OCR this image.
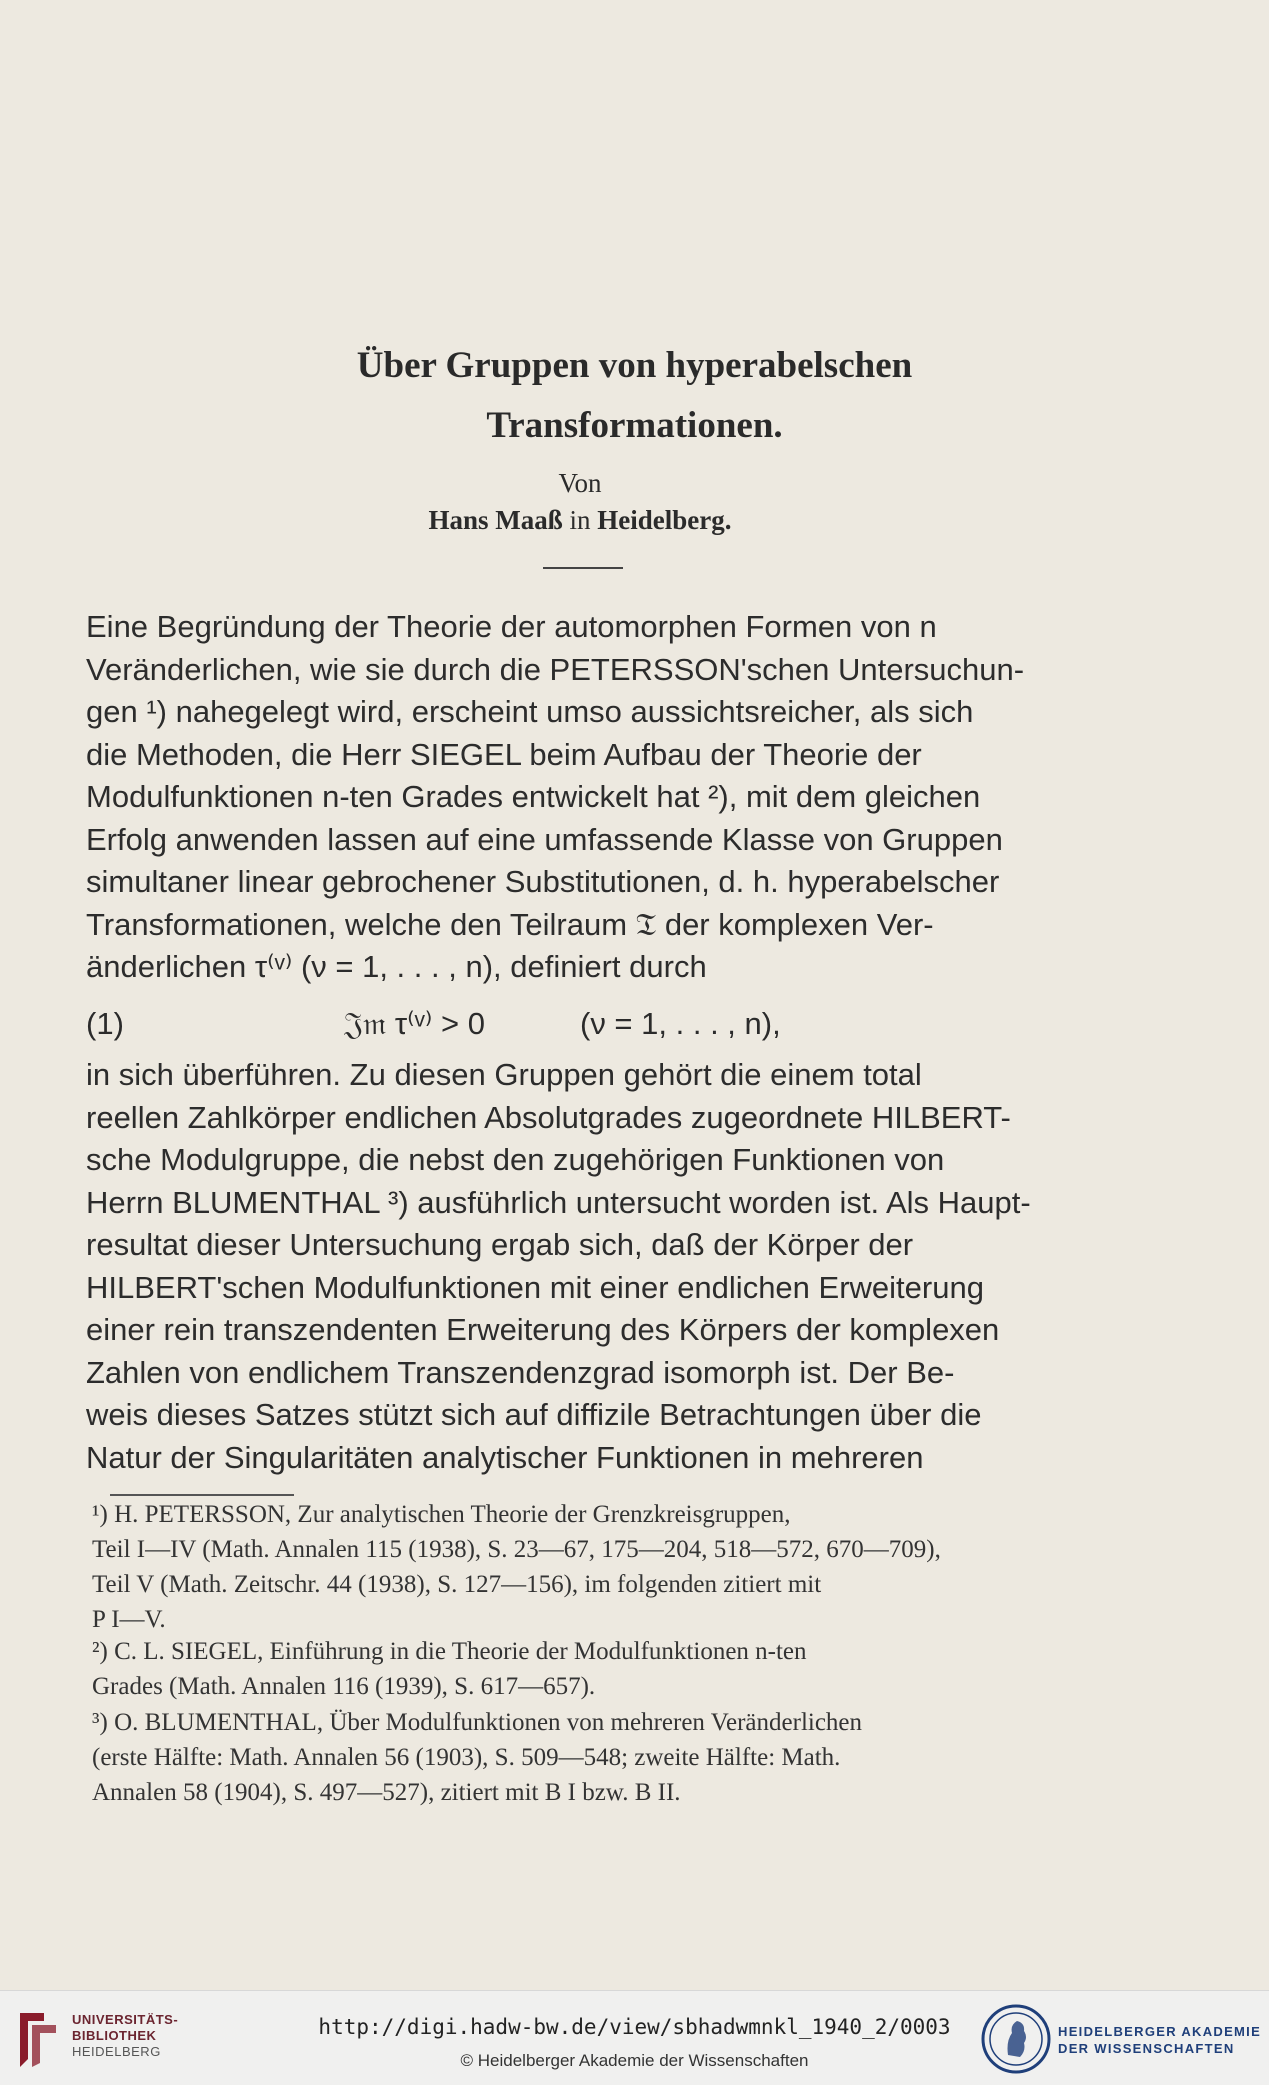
Über Gruppen von hyperabelschen
Transformationen.
Von
Hans Maaß in Heidelberg.
Eine Begründung der Theorie der automorphen Formen von n
Veränderlichen, wie sie durch die PETERSSON'schen Untersuchun-
gen ¹) nahegelegt wird, erscheint umso aussichtsreicher, als sich
die Methoden, die Herr SIEGEL beim Aufbau der Theorie der
Modulfunktionen n-ten Grades entwickelt hat ²), mit dem gleichen
Erfolg anwenden lassen auf eine umfassende Klasse von Gruppen
simultaner linear gebrochener Substitutionen, d. h. hyperabelscher
Transformationen, welche den Teilraum 𝔗 der komplexen Ver-
änderlichen τ⁽ᵛ⁾ (ν = 1, . . . , n), definiert durch
(1)	𝔍𝔪 τ⁽ᵛ⁾ > 0	(ν = 1, . . . , n),
in sich überführen. Zu diesen Gruppen gehört die einem total
reellen Zahlkörper endlichen Absolutgrades zugeordnete HILBERT-
sche Modulgruppe, die nebst den zugehörigen Funktionen von
Herrn BLUMENTHAL ³) ausführlich untersucht worden ist. Als Haupt-
resultat dieser Untersuchung ergab sich, daß der Körper der
HILBERT'schen Modulfunktionen mit einer endlichen Erweiterung
einer rein transzendenten Erweiterung des Körpers der komplexen
Zahlen von endlichem Transzendenzgrad isomorph ist. Der Be-
weis dieses Satzes stützt sich auf diffizile Betrachtungen über die
Natur der Singularitäten analytischer Funktionen in mehreren
¹) H. PETERSSON, Zur analytischen Theorie der Grenzkreisgruppen,
Teil I—IV (Math. Annalen 115 (1938), S. 23—67, 175—204, 518—572, 670—709),
Teil V (Math. Zeitschr. 44 (1938), S. 127—156), im folgenden zitiert mit
P I—V.
²) C. L. SIEGEL, Einführung in die Theorie der Modulfunktionen n-ten
Grades (Math. Annalen 116 (1939), S. 617—657).
³) O. BLUMENTHAL, Über Modulfunktionen von mehreren Veränderlichen
(erste Hälfte: Math. Annalen 56 (1903), S. 509—548; zweite Hälfte: Math.
Annalen 58 (1904), S. 497—527), zitiert mit B I bzw. B II.
UNIVERSITÄTS-
BIBLIOTHEK
HEIDELBERG
http://digi.hadw-bw.de/view/sbhadwmnkl_1940_2/0003
© Heidelberger Akademie der Wissenschaften
HEIDELBERGER AKADEMIE
DER WISSENSCHAFTEN
